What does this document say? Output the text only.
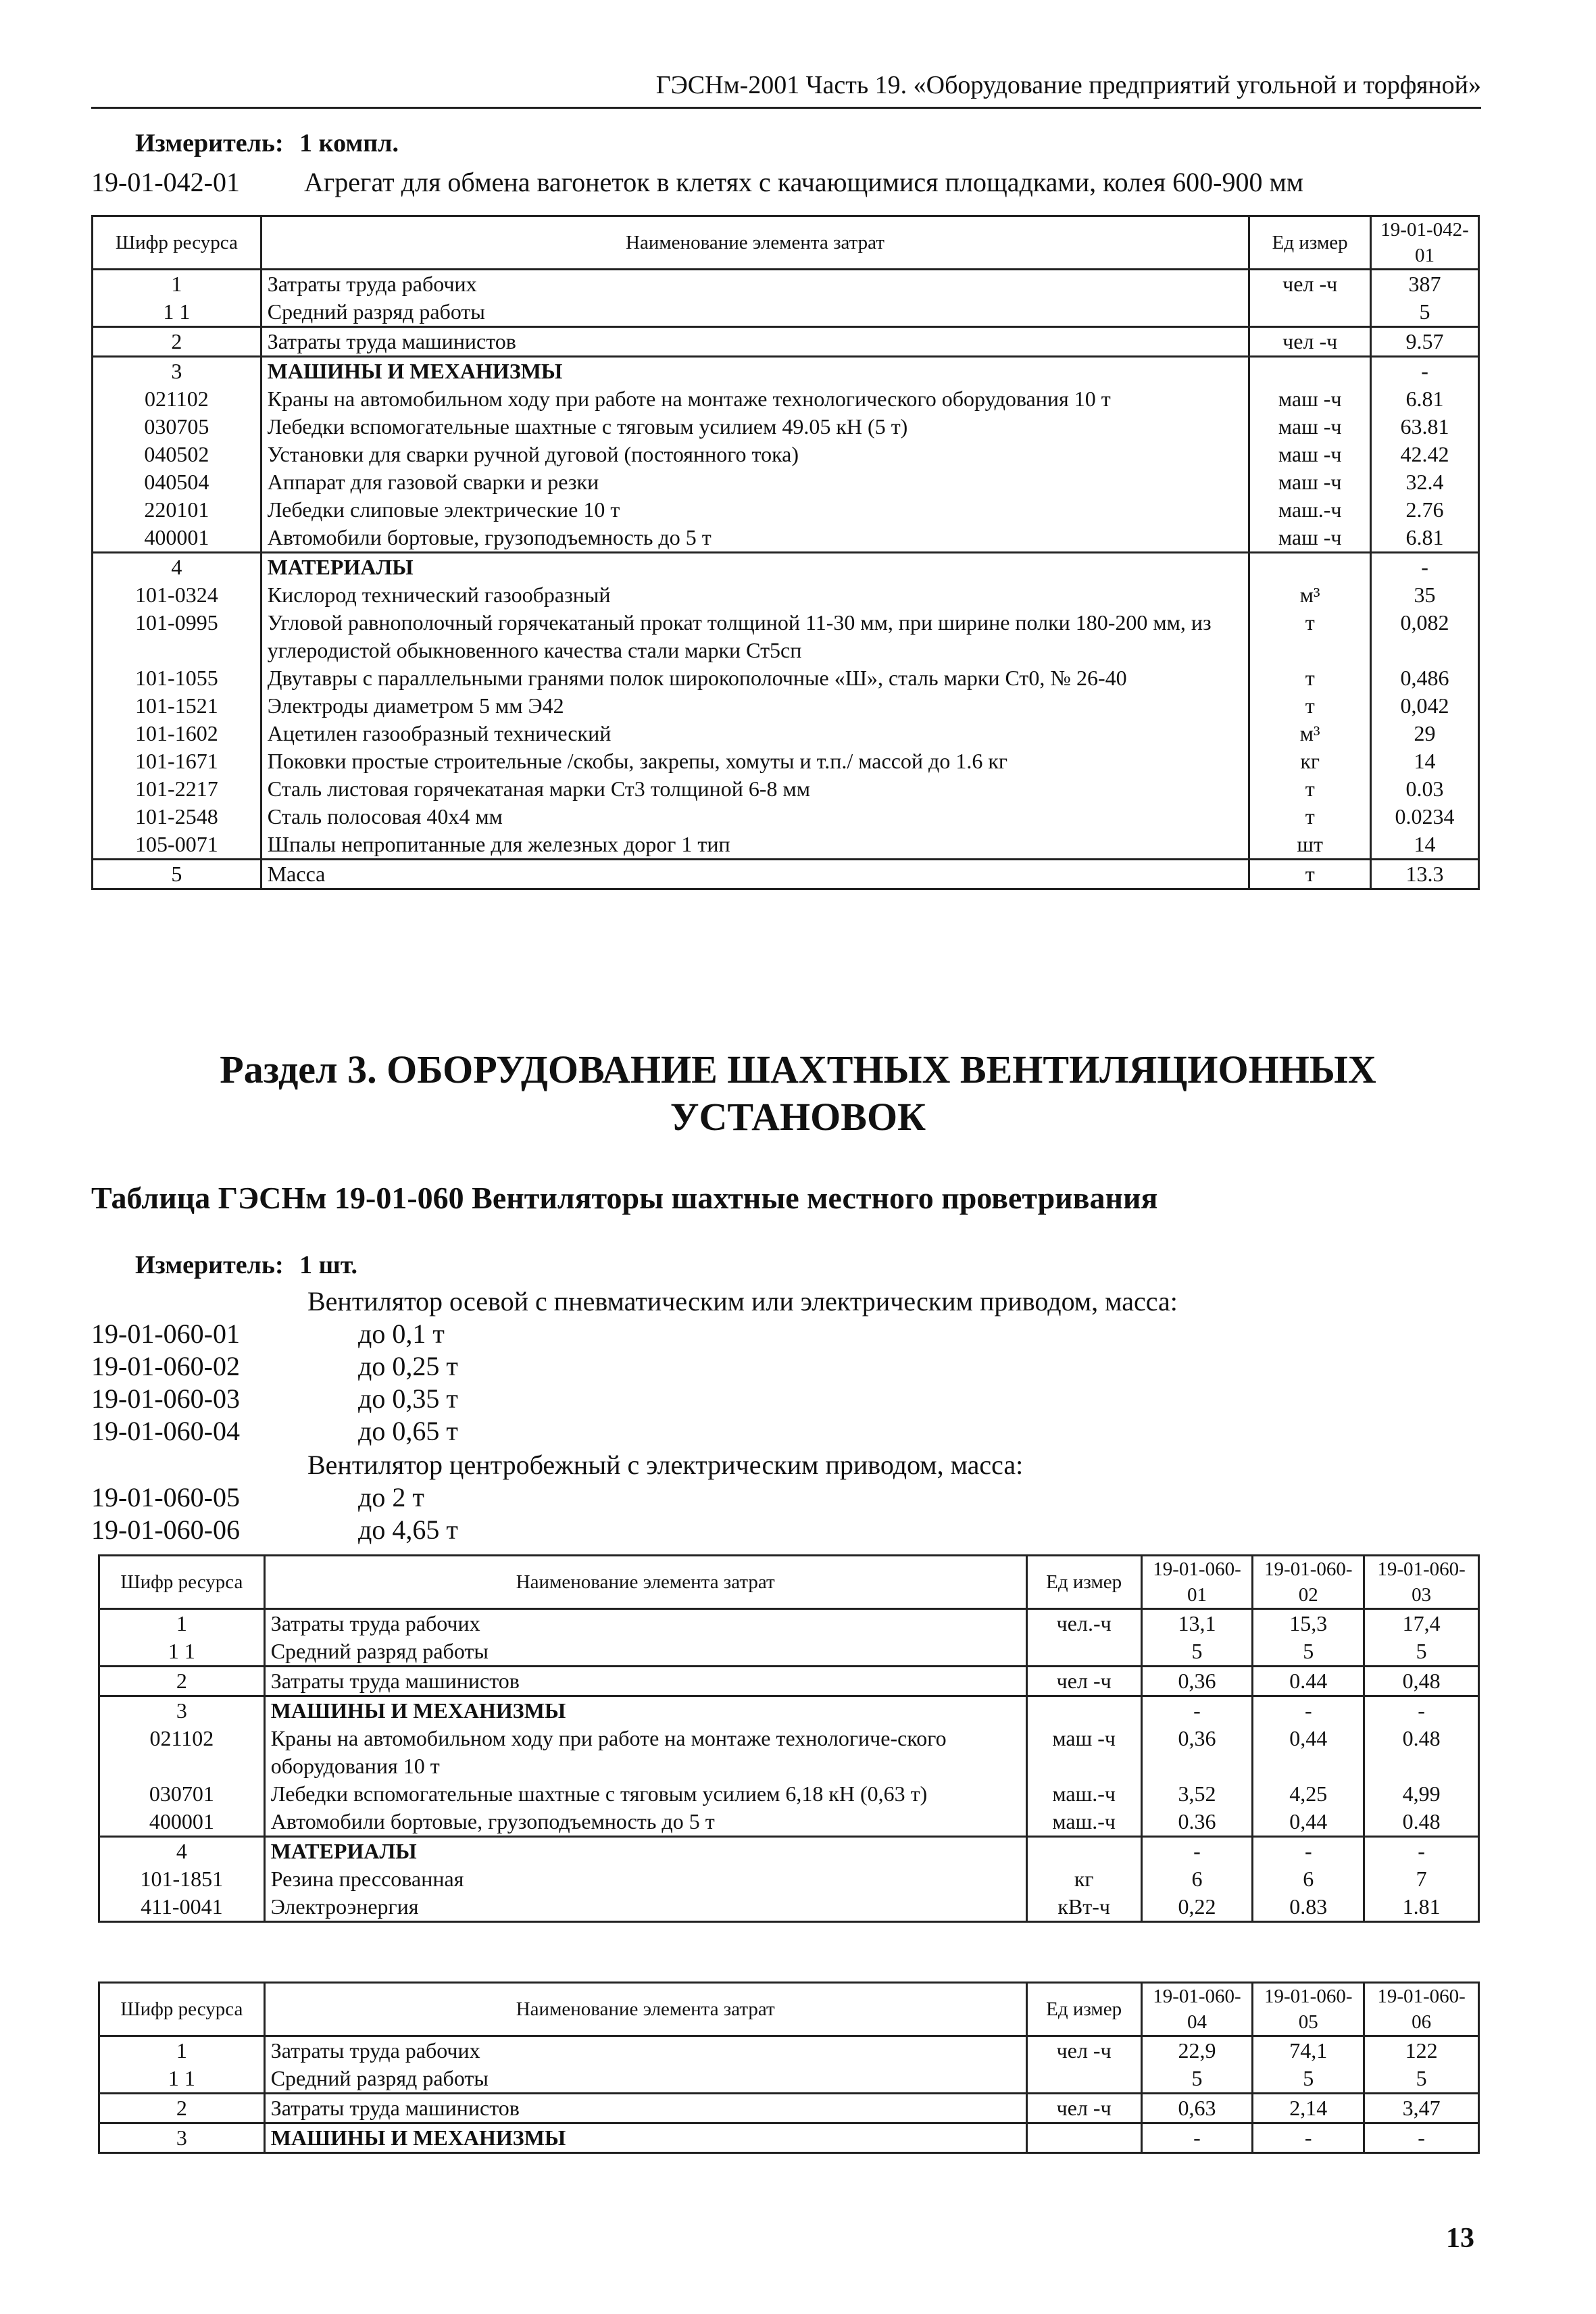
ГЭСНм-2001 Часть 19. «Оборудование предприятий угольной и торфяной»
Измеритель: 1 компл.
19-01-042-01 Агрегат для обмена вагонеток в клетях с качающимися площадками, колея 600-900 мм
Шифр ресурса	Наименование элемента затрат	Ед измер	19-01-042-01
1	Затраты труда рабочих	чел -ч	387
1 1	Средний разряд работы		5
2	Затраты труда машинистов	чел -ч	9.57
3	МАШИНЫ И МЕХАНИЗМЫ		-
021102	Краны на автомобильном ходу при работе на монтаже технологического оборудования 10 т	маш -ч	6.81
030705	Лебедки вспомогательные шахтные с тяговым усилием 49.05 кН (5 т)	маш -ч	63.81
040502	Установки для сварки ручной дуговой (постоянного тока)	маш -ч	42.42
040504	Аппарат для газовой сварки и резки	маш -ч	32.4
220101	Лебедки слиповые электрические 10 т	маш.-ч	2.76
400001	Автомобили бортовые, грузоподъемность до 5 т	маш -ч	6.81
4	МАТЕРИАЛЫ		-
101-0324	Кислород технический газообразный	м³	35
101-0995	Угловой равнополочный горячекатаный прокат толщиной 11-30 мм, при ширине полки 180-200 мм, из углеродистой обыкновенного качества стали марки Ст5сп	т	0,082
101-1055	Двутавры с параллельными гранями полок широкополочные «Ш», сталь марки Ст0, № 26-40	т	0,486
101-1521	Электроды диаметром 5 мм Э42	т	0,042
101-1602	Ацетилен газообразный технический	м³	29
101-1671	Поковки простые строительные /скобы, закрепы, хомуты и т.п./ массой до 1.6 кг	кг	14
101-2217	Сталь листовая горячекатаная марки Ст3 толщиной 6-8 мм	т	0.03
101-2548	Сталь полосовая 40х4 мм	т	0.0234
105-0071	Шпалы непропитанные для железных дорог 1 тип	шт	14
5	Масса	т	13.3
Раздел 3. ОБОРУДОВАНИЕ ШАХТНЫХ ВЕНТИЛЯЦИОННЫХ
УСТАНОВОК
Таблица ГЭСНм 19-01-060 Вентиляторы шахтные местного проветривания
Измеритель: 1 шт.
Вентилятор осевой с пневматическим или электрическим приводом, масса:
19-01-060-01	до 0,1 т
19-01-060-02	до 0,25 т
19-01-060-03	до 0,35 т
19-01-060-04	до 0,65 т
Вентилятор центробежный с электрическим приводом, масса:
19-01-060-05	до 2 т
19-01-060-06	до 4,65 т
Шифр ресурса	Наименование элемента затрат	Ед измер	19-01-060-01	19-01-060-02	19-01-060-03
1	Затраты труда рабочих	чел.-ч	13,1	15,3	17,4
1 1	Средний разряд работы		5	5	5
2	Затраты труда машинистов	чел -ч	0,36	0.44	0,48
3	МАШИНЫ И МЕХАНИЗМЫ		-	-	-
021102	Краны на автомобильном ходу при работе на монтаже технологиче-ского оборудования 10 т	маш -ч	0,36	0,44	0.48
030701	Лебедки вспомогательные шахтные с тяговым усилием 6,18 кН (0,63 т)	маш.-ч	3,52	4,25	4,99
400001	Автомобили бортовые, грузоподъемность до 5 т	маш.-ч	0.36	0,44	0.48
4	МАТЕРИАЛЫ		-	-	-
101-1851	Резина прессованная	кг	6	6	7
411-0041	Электроэнергия	кВт-ч	0,22	0.83	1.81
Шифр ресурса	Наименование элемента затрат	Ед измер	19-01-060-04	19-01-060-05	19-01-060-06
1	Затраты труда рабочих	чел -ч	22,9	74,1	122
1 1	Средний разряд работы		5	5	5
2	Затраты труда машинистов	чел -ч	0,63	2,14	3,47
3	МАШИНЫ И МЕХАНИЗМЫ		-	-	-
13
